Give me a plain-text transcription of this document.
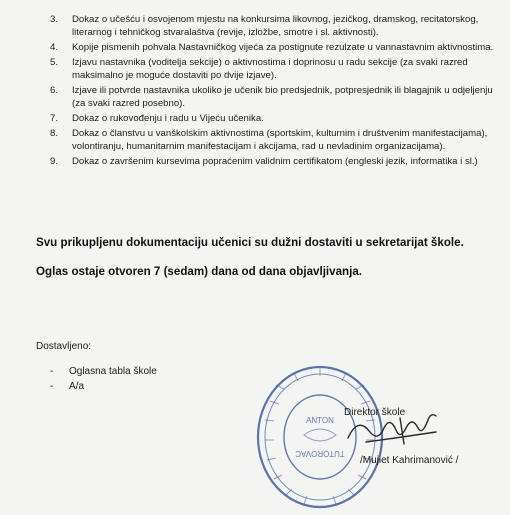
3.	Dokaz o učešću i osvojenom mjestu na konkursima likovnog, jezičkog, dramskog, recitatorskog, literarnog i tehničkog stvaralaštva (revije, izložbe, smotre i sl. aktivnosti).
4.	Kopije pismenih pohvala Nastavničkog vijeća za postignute rezulzate u vannastavnim aktivnostima.
5.	Izjavu nastavnika (voditelja sekcije) o aktivnostima i doprinosu u radu sekcije (za svaki razred maksimalno je moguće dostaviti po dvije izjave).
6.	Izjave ili potvrde nastavnika ukoliko je učenik bio predsjednik, potpresjednik ili blagajnik u odjeljenju (za svaki razred posebno).
7.	Dokaz o rukovođenju i radu u Vijeću učenika.
8.	Dokaz o članstvu u vanškolskim aktivnostima (sportskim, kulturnim i društvenim manifestacijama), volontiranju, humanitarnim manifestacijam i akcijama, rad u nevladinim organizacijama).
9.	Dokaz o završenim kursevima popraćenim validnim certifikatom (engleski jezik, informatika i sl.)
Svu prikupljenu dokumentaciju učenici su dužni dostaviti u sekretarijat škole.
Oglas ostaje otvoren 7 (sedam) dana od dana objavljivanja.
Dostavljeno:
-	Oglasna tabla škole
-	A/a
ANTON
TUTOROVAC
Direktor škole
/Mujiet Kahrimanović /
